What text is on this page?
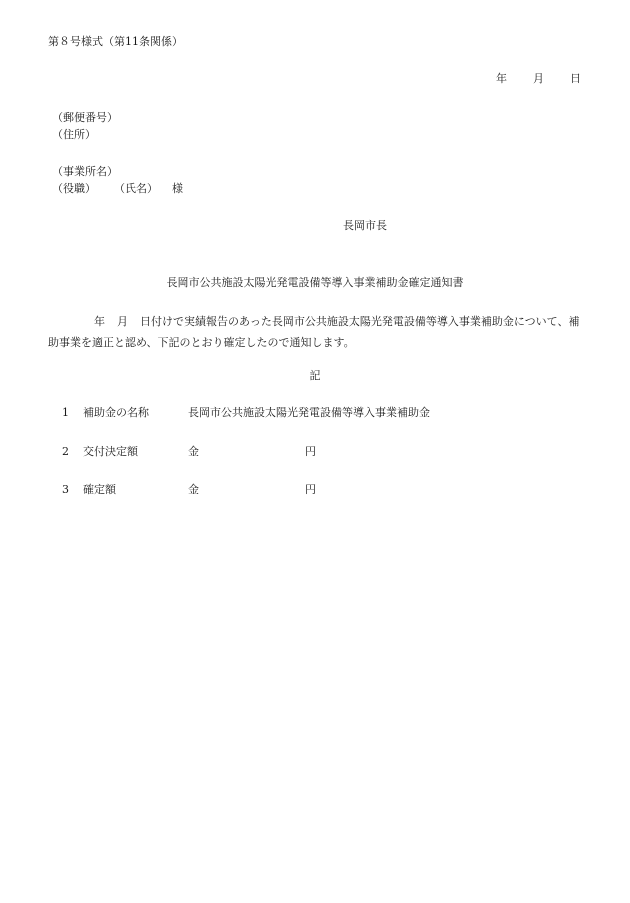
第８号様式（第11条関係）
年 月 日
（郵便番号）
（住所）
（事業所名）
（役職） （氏名） 様
長岡市長
長岡市公共施設太陽光発電設備等導入事業補助金確定通知書
年 月 日付けで実績報告のあった長岡市公共施設太陽光発電設備等導入事業補助金について、補助事業を適正と認め、下記のとおり確定したので通知します。
記
1 補助金の名称	長岡市公共施設太陽光発電設備等導入事業補助金
2 交付決定額	金	円
3 確定額	金	円
